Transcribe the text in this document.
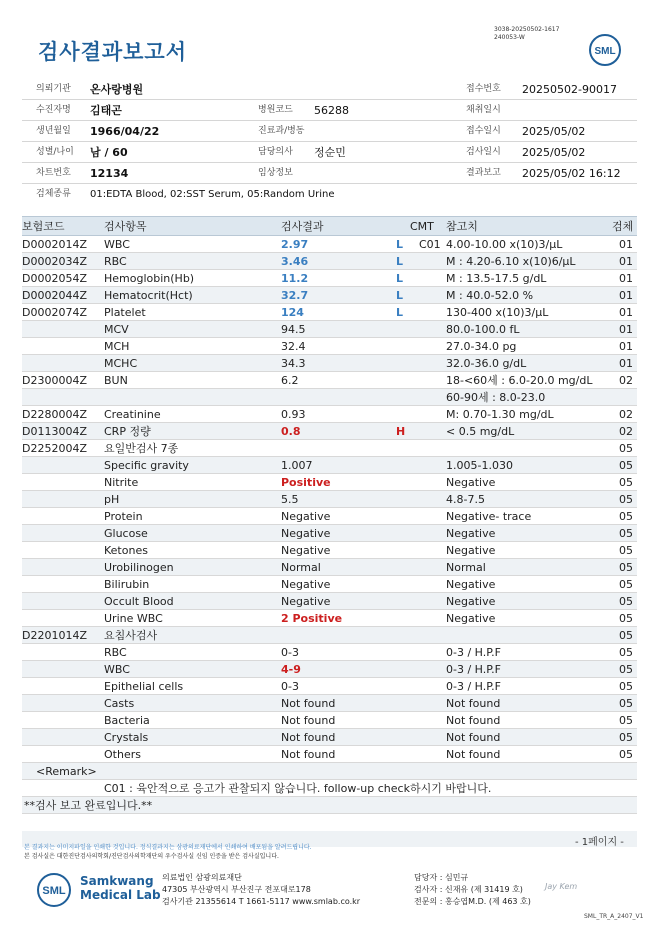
검사결과보고서
3038-20250502-1617
240053-W
SML
의뢰기관 온사랑병원	접수번호 20250502-90017
수진자명 김태곤	병원코드 56288	채취일시
생년월일 1966/04/22	진료과/병동	접수일시 2025/05/02
성별/나이 남 / 60	담당의사 정순민	검사일시 2025/05/02
차트번호 12134	임상정보	결과보고 2025/05/02 16:12
검체종류 01:EDTA Blood, 02:SST Serum, 05:Random Urine
보험코드	검사항목	검사결과	CMT 참고치	검체
D0002014Z WBC	2.97	L C01 4.00-10.00 x(10)3/μL	01
D0002034Z RBC	3.46	L	M : 4.20-6.10 x(10)6/μL	01
D0002054Z Hemoglobin(Hb)	11.2	L	M : 13.5-17.5 g/dL	01
D0002044Z Hematocrit(Hct)	32.7	L	M : 40.0-52.0 %	01
D0002074Z Platelet	124	L	130-400 x(10)3/μL	01
MCV	94.5	80.0-100.0 fL	01
MCH	32.4	27.0-34.0 pg	01
MCHC	34.3	32.0-36.0 g/dL	01
D2300004Z BUN	6.2	18-<60세 : 6.0-20.0 mg/dL 02
60-90세 : 8.0-23.0
D2280004Z Creatinine	0.93	M: 0.70-1.30 mg/dL	02
D0113004Z CRP 정량	0.8	H	< 0.5 mg/dL	02
D2252004Z 요일반검사 7종	05
Specific gravity	1.007	1.005-1.030	05
Nitrite	Positive	Negative	05
pH	5.5	4.8-7.5	05
Protein	Negative	Negative- trace	05
Glucose	Negative	Negative	05
Ketones	Negative	Negative	05
Urobilinogen	Normal	Normal	05
Bilirubin	Negative	Negative	05
Occult Blood	Negative	Negative	05
Urine WBC	2 Positive	Negative	05
D2201014Z 요침사검사	05
RBC	0-3	0-3 / H.P.F	05
WBC	4-9	0-3 / H.P.F	05
Epithelial cells	0-3	0-3 / H.P.F	05
Casts	Not found	Not found	05
Bacteria	Not found	Not found	05
Crystals	Not found	Not found	05
Others	Not found	Not found	05
<Remark>
C01 : 육안적으로 응고가 관찰되지 않습니다. follow-up check하시기 바랍니다.
**검사 보고 완료입니다.**
본 결과지는 이미지파일을 인쇄한 것입니다. 정식결과지는 삼광의료재단에서 인쇄하여 배포됨을 알려드립니다.
본 검사실은 대한진단검사의학회/진단검사의학재단의 우수검사실 신임 인증을 받은 검사실입니다.
- 1페이지 -
SML
Samkwang
Medical Lab
의료법인 삼광의료재단
47305 부산광역시 부산진구 전포대로178
검사기관 21355614 T 1661-5117 www.smlab.co.kr
담당자 : 심민규
검사자 : 신재유 (제 31419 호)
전문의 : 홍승엽M.D. (제 463 호)
Jay Kem
SML_TR_A_2407_V1
